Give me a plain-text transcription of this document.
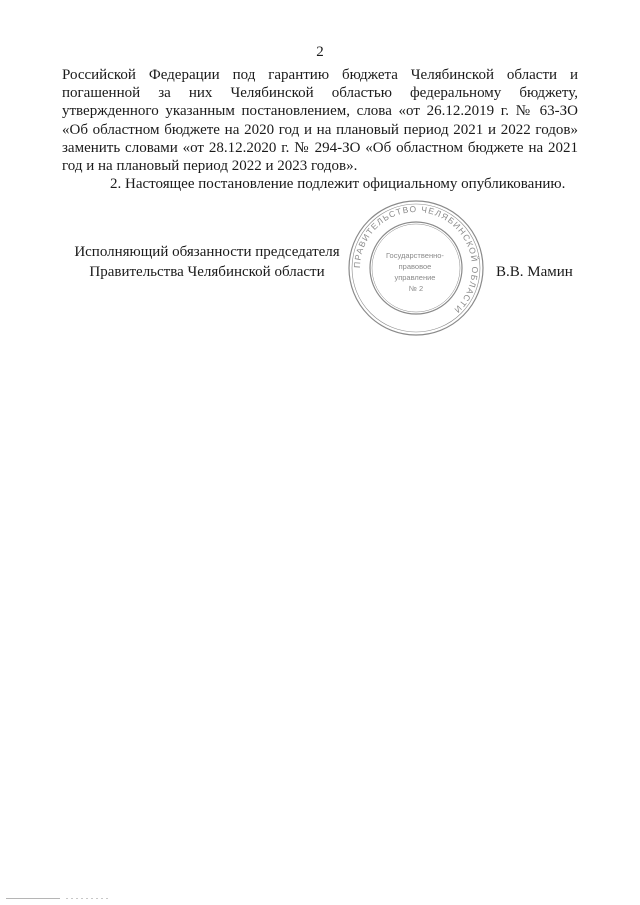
2

Российской Федерации под гарантию бюджета Челябинской области и погашенной за них Челябинской областью федеральному бюджету, утвержденного указанным постановлением, слова «от 26.12.2019 г. № 63-ЗО «Об областном бюджете на 2020 год и на плановый период 2021 и 2022 годов» заменить словами «от 28.12.2020 г. № 294-ЗО «Об областном бюджете на 2021 год и на плановый период 2022 и 2023 годов».

2. Настоящее постановление подлежит официальному опубликованию.

Исполняющий обязанности председателя
Правительства Челябинской области	В.В. Мамин
ПРАВИТЕЛЬСТВО ЧЕЛЯБИНСКОЙ ОБЛАСТИ
Государственно- правовое управление № 2
